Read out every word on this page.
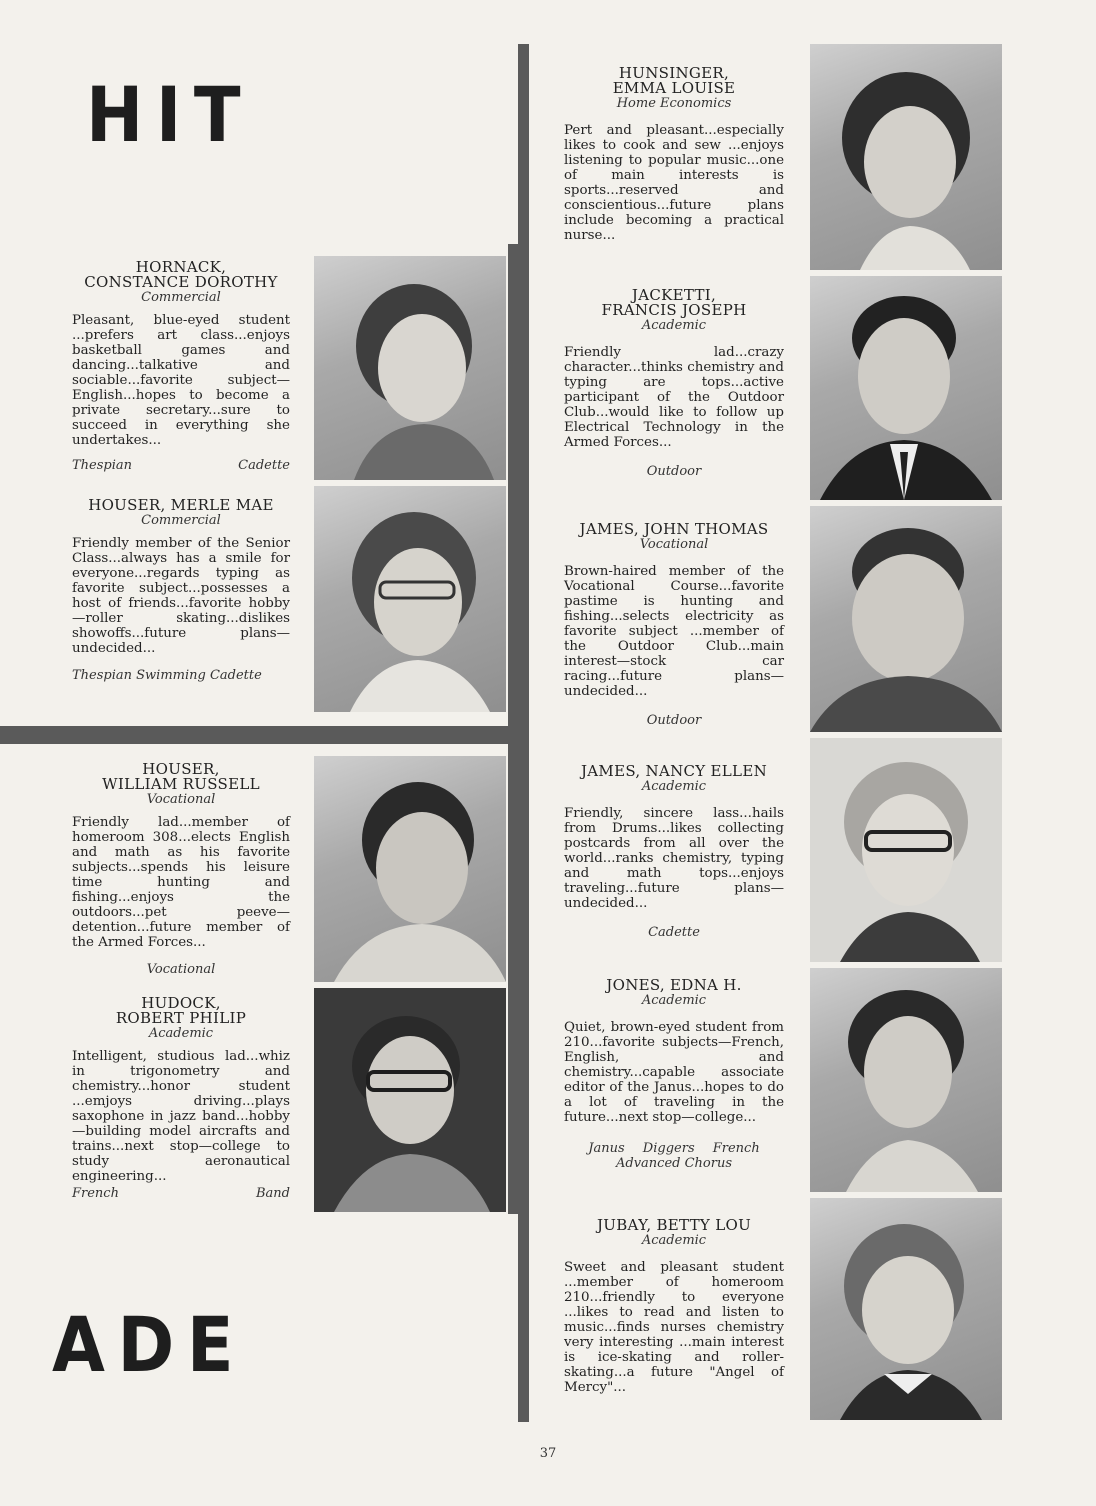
HIT
ADE
HORNACK,
CONSTANCE DOROTHY
Commercial
Pleasant, blue-eyed student ...prefers art class...enjoys basketball games and dancing...talkative and sociable...favorite subject—English...hopes to become a private secretary...sure to succeed in everything she undertakes...
Thespian	Cadette
HOUSER, MERLE MAE
Commercial
Friendly member of the Senior Class...always has a smile for everyone...regards typing as favorite subject...possesses a host of friends...favorite hobby—roller skating...dislikes showoffs...future plans—undecided...
Thespian Swimming Cadette
HOUSER,
WILLIAM RUSSELL
Vocational
Friendly lad...member of homeroom 308...elects English and math as his favorite subjects...spends his leisure time hunting and fishing...enjoys the outdoors...pet peeve—detention...future member of the Armed Forces...
Vocational
HUDOCK,
ROBERT PHILIP
Academic
Intelligent, studious lad...whiz in trigonometry and chemistry...honor student ...emjoys driving...plays saxophone in jazz band...hobby—building model aircrafts and trains...next stop—college to study aeronautical engineering...
French	Band
HUNSINGER,
EMMA LOUISE
Home Economics
Pert and pleasant...especially likes to cook and sew ...enjoys listening to popular music...one of main interests is sports...reserved and conscientious...future plans include becoming a practical nurse...
JACKETTI,
FRANCIS JOSEPH
Academic
Friendly lad...crazy character...thinks chemistry and typing are tops...active participant of the Outdoor Club...would like to follow up Electrical Technology in the Armed Forces...
Outdoor
JAMES, JOHN THOMAS
Vocational
Brown-haired member of the Vocational Course...favorite pastime is hunting and fishing...selects electricity as favorite subject ...member of the Outdoor Club...main interest—stock car racing...future plans—undecided...
Outdoor
JAMES, NANCY ELLEN
Academic
Friendly, sincere lass...hails from Drums...likes collecting postcards from all over the world...ranks chemistry, typing and math tops...enjoys traveling...future plans—undecided...
Cadette
JONES, EDNA H.
Academic
Quiet, brown-eyed student from 210...favorite subjects—French, English, and chemistry...capable associate editor of the Janus...hopes to do a lot of traveling in the future...next stop—college...
Janus Diggers French
Advanced Chorus
JUBAY, BETTY LOU
Academic
Sweet and pleasant student ...member of homeroom 210...friendly to everyone ...likes to read and listen to music...finds nurses chemistry very interesting ...main interest is ice-skating and roller-skating...a future "Angel of Mercy"...
37
